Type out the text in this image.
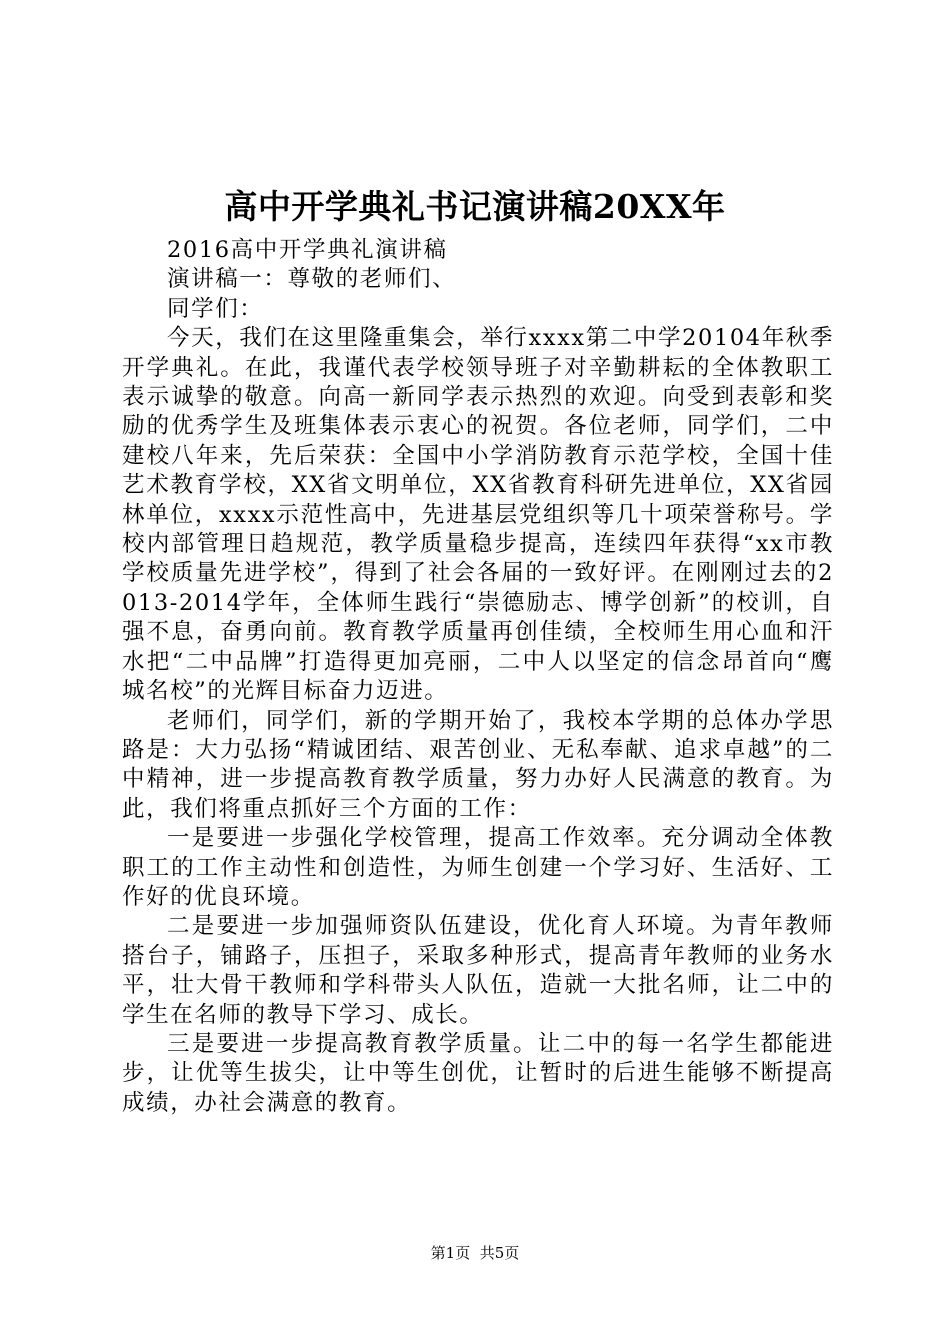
高中开学典礼书记演讲稿20XX年

2016高中开学典礼演讲稿

演讲稿一：尊敬的老师们、

同学们：

今天，我们在这里隆重集会，举行xxxx第二中学20104年秋季开学典礼。在此，我谨代表学校领导班子对辛勤耕耘的全体教职工表示诚挚的敬意。向高一新同学表示热烈的欢迎。向受到表彰和奖励的优秀学生及班集体表示衷心的祝贺。各位老师，同学们，二中建校八年来，先后荣获：全国中小学消防教育示范学校，全国十佳艺术教育学校，XX省文明单位，XX省教育科研先进单位，XX省园林单位，xxxx示范性高中，先进基层党组织等几十项荣誉称号。学校内部管理日趋规范，教学质量稳步提高，连续四年获得“xx市教学校质量先进学校”，得到了社会各届的一致好评。在刚刚过去的2013-2014学年，全体师生践行“崇德励志、博学创新”的校训，自强不息，奋勇向前。教育教学质量再创佳绩，全校师生用心血和汗水把“二中品牌”打造得更加亮丽，二中人以坚定的信念昂首向“鹰城名校”的光辉目标奋力迈进。

老师们，同学们，新的学期开始了，我校本学期的总体办学思路是：大力弘扬“精诚团结、艰苦创业、无私奉献、追求卓越”的二中精神，进一步提高教育教学质量，努力办好人民满意的教育。为此，我们将重点抓好三个方面的工作：

一是要进一步强化学校管理，提高工作效率。充分调动全体教职工的工作主动性和创造性，为师生创建一个学习好、生活好、工作好的优良环境。

二是要进一步加强师资队伍建设，优化育人环境。为青年教师搭台子，铺路子，压担子，采取多种形式，提高青年教师的业务水平，壮大骨干教师和学科带头人队伍，造就一大批名师，让二中的学生在名师的教导下学习、成长。

三是要进一步提高教育教学质量。让二中的每一名学生都能进步，让优等生拔尖，让中等生创优，让暂时的后进生能够不断提高成绩，办社会满意的教育。

第1页 共5页
